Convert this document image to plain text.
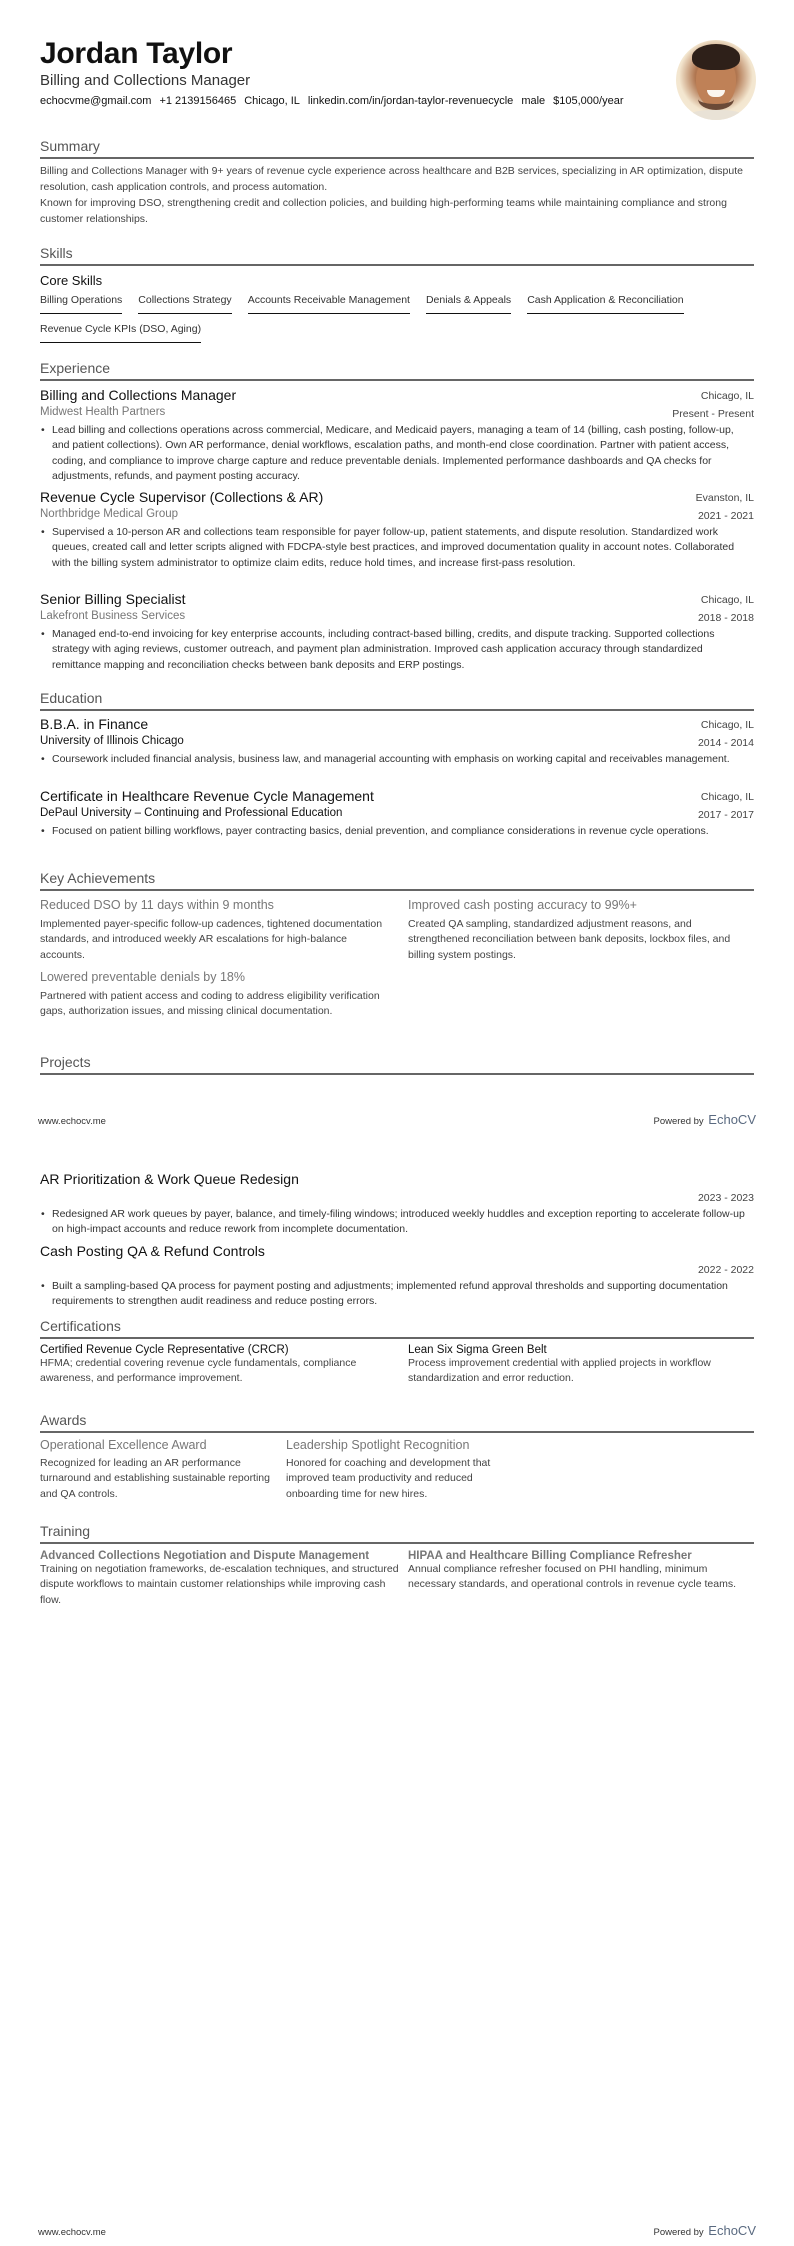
Jordan Taylor
Billing and Collections Manager
echocvme@gmail.com +1 2139156465 Chicago, IL linkedin.com/in/jordan-taylor-revenuecycle male $105,000/year
Summary
Billing and Collections Manager with 9+ years of revenue cycle experience across healthcare and B2B services, specializing in AR optimization, dispute resolution, cash application controls, and process automation.
Known for improving DSO, strengthening credit and collection policies, and building high-performing teams while maintaining compliance and strong customer relationships.
Skills
Core Skills
Billing Operations Collections Strategy Accounts Receivable Management Denials & Appeals Cash Application & Reconciliation
Revenue Cycle KPIs (DSO, Aging)
Experience
Billing and Collections Manager	Chicago, IL
Midwest Health Partners	Present - Present
• Lead billing and collections operations across commercial, Medicare, and Medicaid payers, managing a team of 14 (billing, cash posting, follow-up, and patient collections). Own AR performance, denial workflows, escalation paths, and month-end close coordination. Partner with patient access, coding, and compliance to improve charge capture and reduce preventable denials. Implemented performance dashboards and QA checks for adjustments, refunds, and payment posting accuracy.
Revenue Cycle Supervisor (Collections & AR)	Evanston, IL
Northbridge Medical Group	2021 - 2021
• Supervised a 10-person AR and collections team responsible for payer follow-up, patient statements, and dispute resolution. Standardized work queues, created call and letter scripts aligned with FDCPA-style best practices, and improved documentation quality in account notes. Collaborated with the billing system administrator to optimize claim edits, reduce hold times, and increase first-pass resolution.
Senior Billing Specialist	Chicago, IL
Lakefront Business Services	2018 - 2018
• Managed end-to-end invoicing for key enterprise accounts, including contract-based billing, credits, and dispute tracking. Supported collections strategy with aging reviews, customer outreach, and payment plan administration. Improved cash application accuracy through standardized remittance mapping and reconciliation checks between bank deposits and ERP postings.
Education
B.B.A. in Finance	Chicago, IL
University of Illinois Chicago	2014 - 2014
• Coursework included financial analysis, business law, and managerial accounting with emphasis on working capital and receivables management.
Certificate in Healthcare Revenue Cycle Management	Chicago, IL
DePaul University – Continuing and Professional Education	2017 - 2017
• Focused on patient billing workflows, payer contracting basics, denial prevention, and compliance considerations in revenue cycle operations.
Key Achievements
Reduced DSO by 11 days within 9 months
Implemented payer-specific follow-up cadences, tightened documentation standards, and introduced weekly AR escalations for high-balance accounts.
Improved cash posting accuracy to 99%+
Created QA sampling, standardized adjustment reasons, and strengthened reconciliation between bank deposits, lockbox files, and billing system postings.
Lowered preventable denials by 18%
Partnered with patient access and coding to address eligibility verification gaps, authorization issues, and missing clinical documentation.
Projects
www.echocv.me	Powered by EchoCV
AR Prioritization & Work Queue Redesign
2023 - 2023
• Redesigned AR work queues by payer, balance, and timely-filing windows; introduced weekly huddles and exception reporting to accelerate follow-up on high-impact accounts and reduce rework from incomplete documentation.
Cash Posting QA & Refund Controls
2022 - 2022
• Built a sampling-based QA process for payment posting and adjustments; implemented refund approval thresholds and supporting documentation requirements to strengthen audit readiness and reduce posting errors.
Certifications
Certified Revenue Cycle Representative (CRCR)
HFMA; credential covering revenue cycle fundamentals, compliance awareness, and performance improvement.
Lean Six Sigma Green Belt
Process improvement credential with applied projects in workflow standardization and error reduction.
Awards
Operational Excellence Award
Recognized for leading an AR performance turnaround and establishing sustainable reporting and QA controls.
Leadership Spotlight Recognition
Honored for coaching and development that improved team productivity and reduced onboarding time for new hires.
Training
Advanced Collections Negotiation and Dispute Management
Training on negotiation frameworks, de-escalation techniques, and structured dispute workflows to maintain customer relationships while improving cash flow.
HIPAA and Healthcare Billing Compliance Refresher
Annual compliance refresher focused on PHI handling, minimum necessary standards, and operational controls in revenue cycle teams.
www.echocv.me	Powered by EchoCV
